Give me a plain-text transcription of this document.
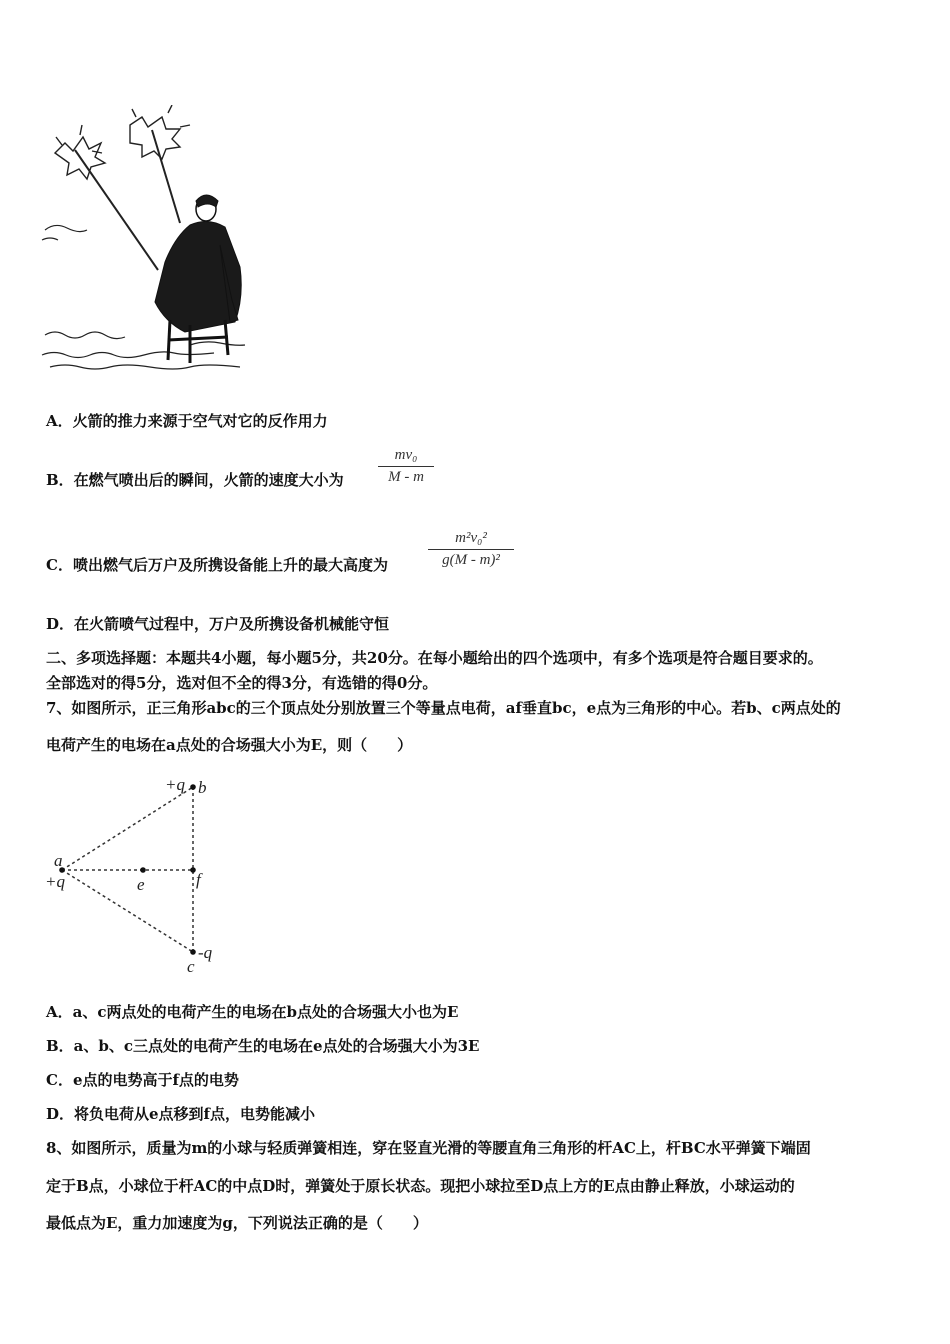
A．火箭的推力来源于空气对它的反作用力
B．在燃气喷出后的瞬间，火箭的速度大小为
mv₀
M - m
C．喷出燃气后万户及所携设备能上升的最大高度为
m²v₀²
g(M - m)²
D．在火箭喷气过程中，万户及所携设备机械能守恒
二、多项选择题：本题共4小题，每小题5分，共20分。在每小题给出的四个选项中，有多个选项是符合题目要求的。
全部选对的得5分，选对但不全的得3分，有选错的得0分。
7、如图所示，正三角形abc的三个顶点处分别放置三个等量点电荷，af垂直bc，e点为三角形的中心。若b、c两点处的
电荷产生的电场在a点处的合场强大小为E，则（　　）
+q b
a
+q	e	f
-q
c
A．a、c两点处的电荷产生的电场在b点处的合场强大小也为E
B．a、b、c三点处的电荷产生的电场在e点处的合场强大小为3E
C．e点的电势高于f点的电势
D．将负电荷从e点移到f点，电势能减小
8、如图所示，质量为m的小球与轻质弹簧相连，穿在竖直光滑的等腰直角三角形的杆AC上，杆BC水平弹簧下端固
定于B点，小球位于杆AC的中点D时，弹簧处于原长状态。现把小球拉至D点上方的E点由静止释放，小球运动的
最低点为E，重力加速度为g，下列说法正确的是（　　）
